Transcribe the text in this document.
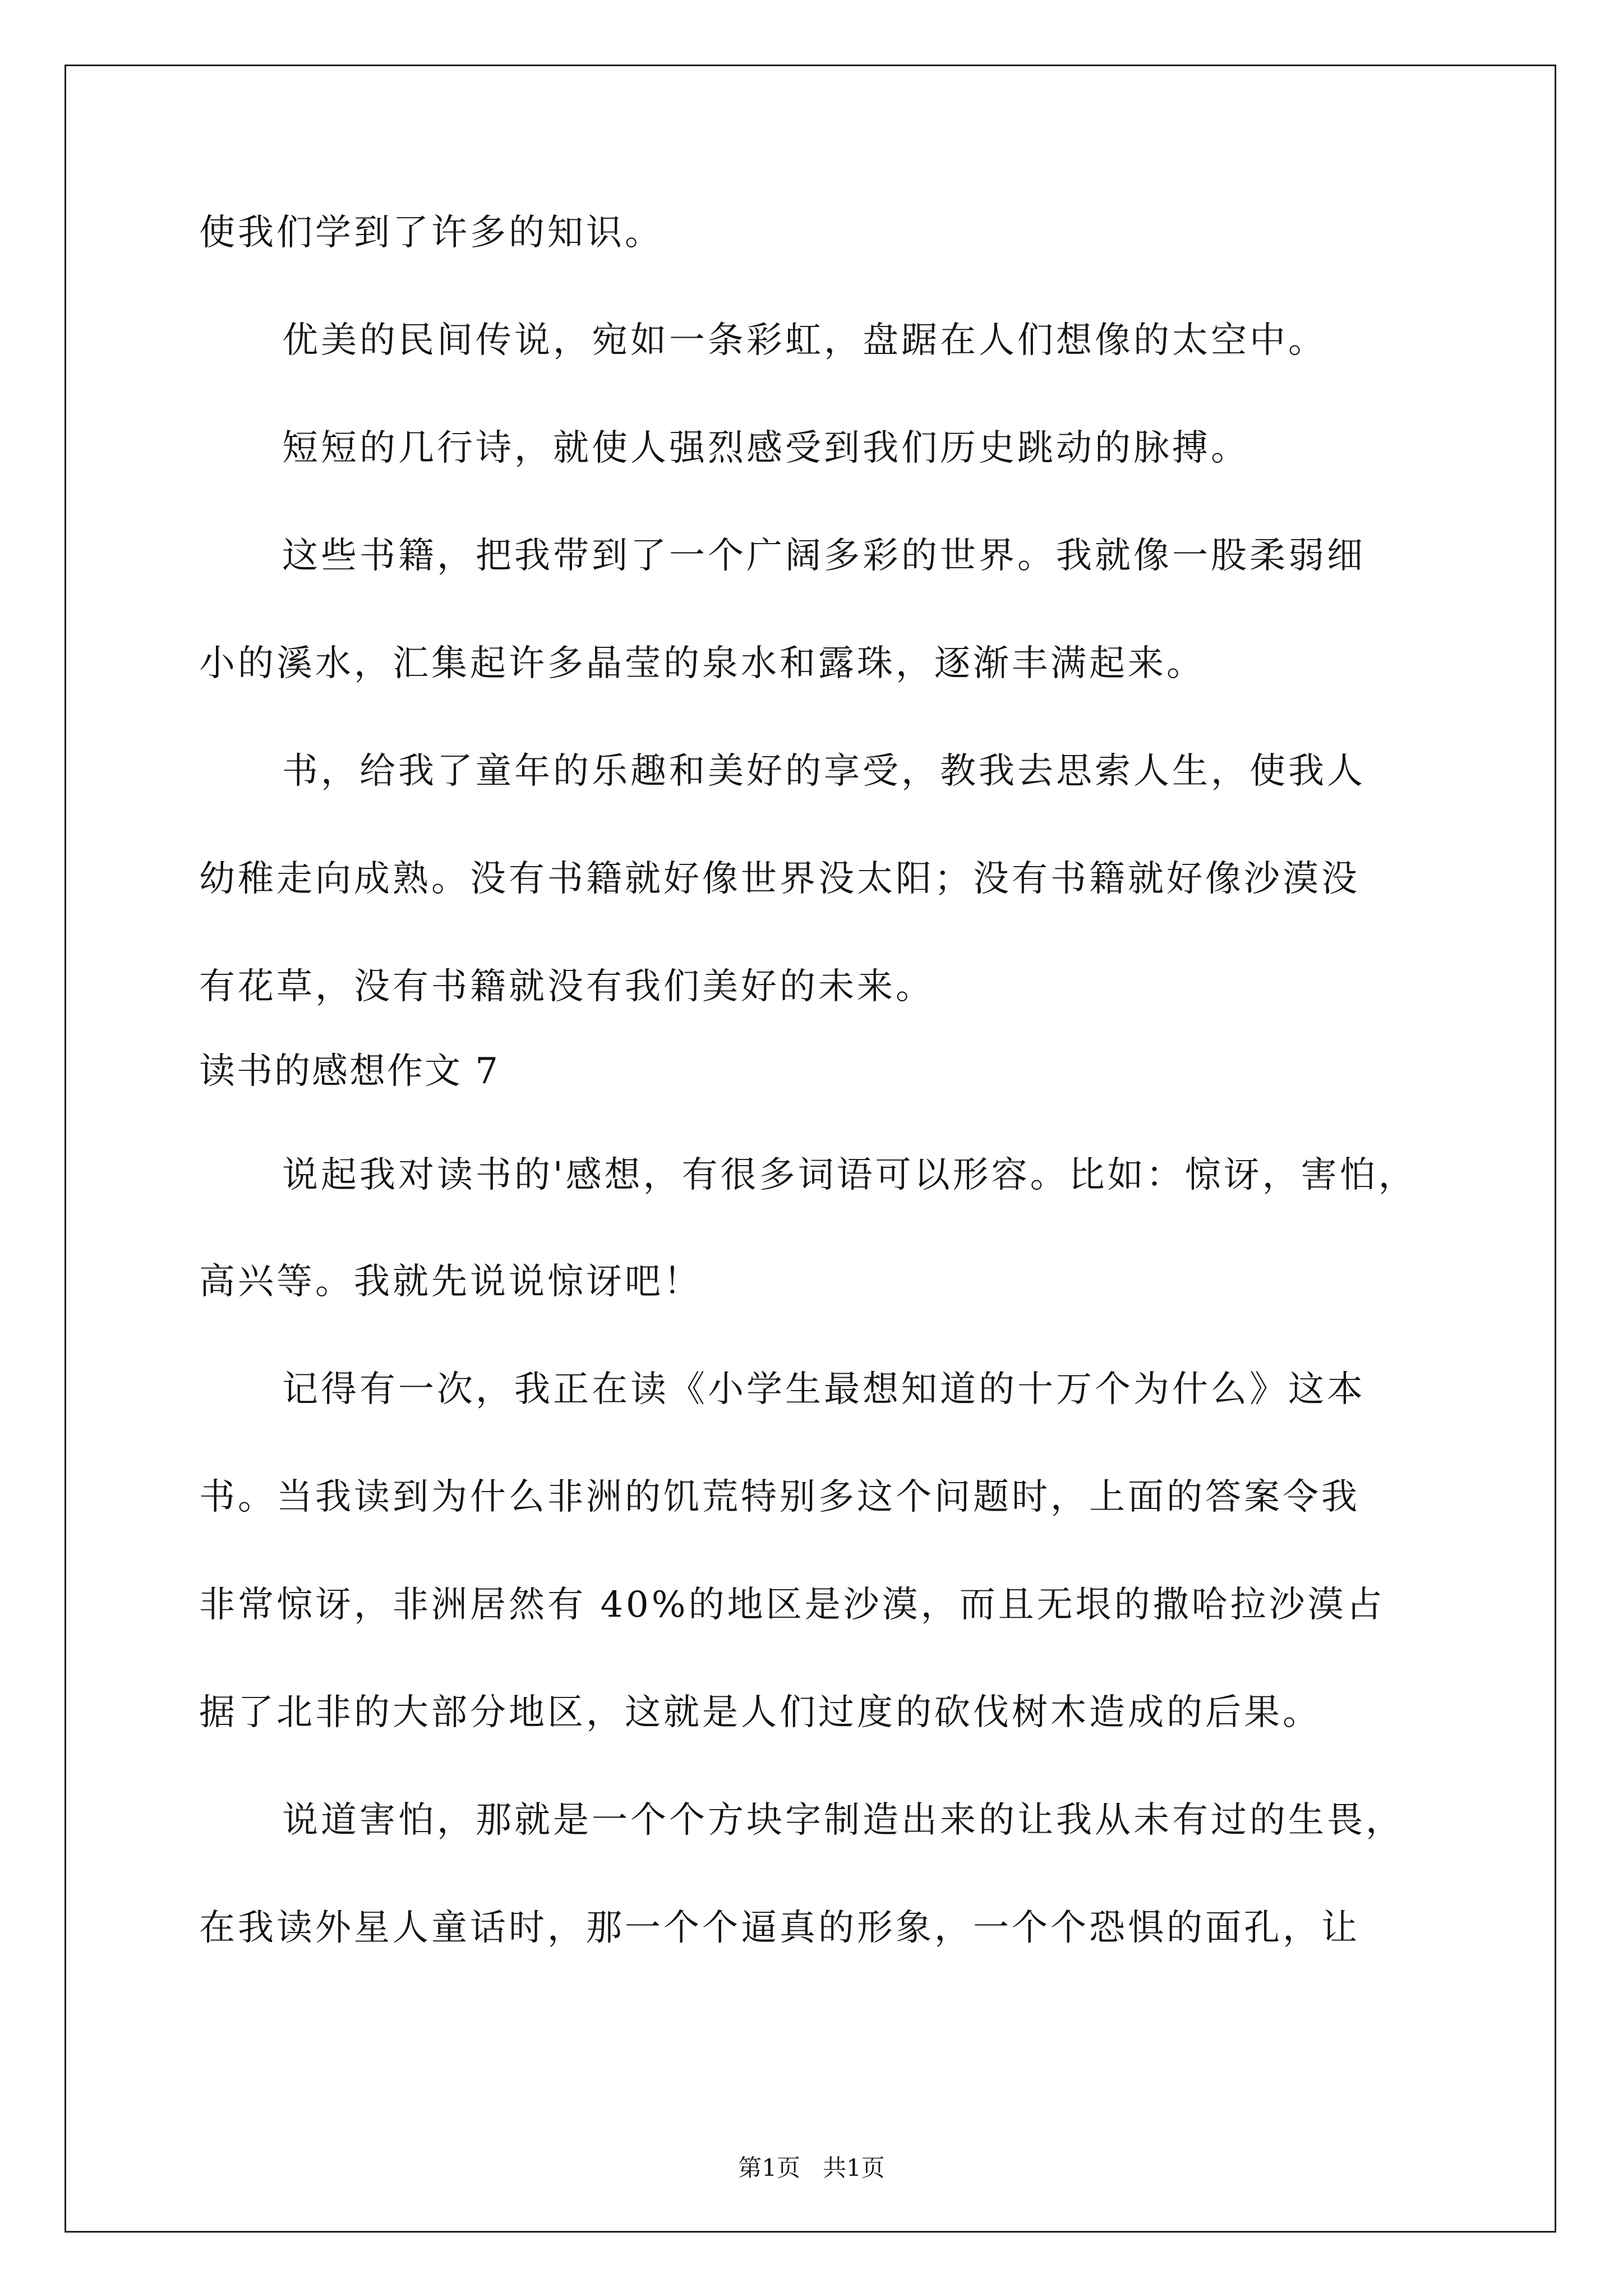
使我们学到了许多的知识。
优美的民间传说，宛如一条彩虹，盘踞在人们想像的太空中。
短短的几行诗，就使人强烈感受到我们历史跳动的脉搏。
这些书籍，把我带到了一个广阔多彩的世界。我就像一股柔弱细
小的溪水，汇集起许多晶莹的泉水和露珠，逐渐丰满起来。
书，给我了童年的乐趣和美好的享受，教我去思索人生，使我人
幼稚走向成熟。没有书籍就好像世界没太阳；没有书籍就好像沙漠没
有花草，没有书籍就没有我们美好的未来。
读书的感想作文 7
说起我对读书的'感想，有很多词语可以形容。比如：惊讶，害怕，
高兴等。我就先说说惊讶吧！
记得有一次，我正在读《小学生最想知道的十万个为什么》这本
书。当我读到为什么非洲的饥荒特别多这个问题时，上面的答案令我
非常惊讶，非洲居然有 40%的地区是沙漠，而且无垠的撒哈拉沙漠占
据了北非的大部分地区，这就是人们过度的砍伐树木造成的后果。
说道害怕，那就是一个个方块字制造出来的让我从未有过的生畏，
在我读外星人童话时，那一个个逼真的形象，一个个恐惧的面孔，让
第1页   共1页
